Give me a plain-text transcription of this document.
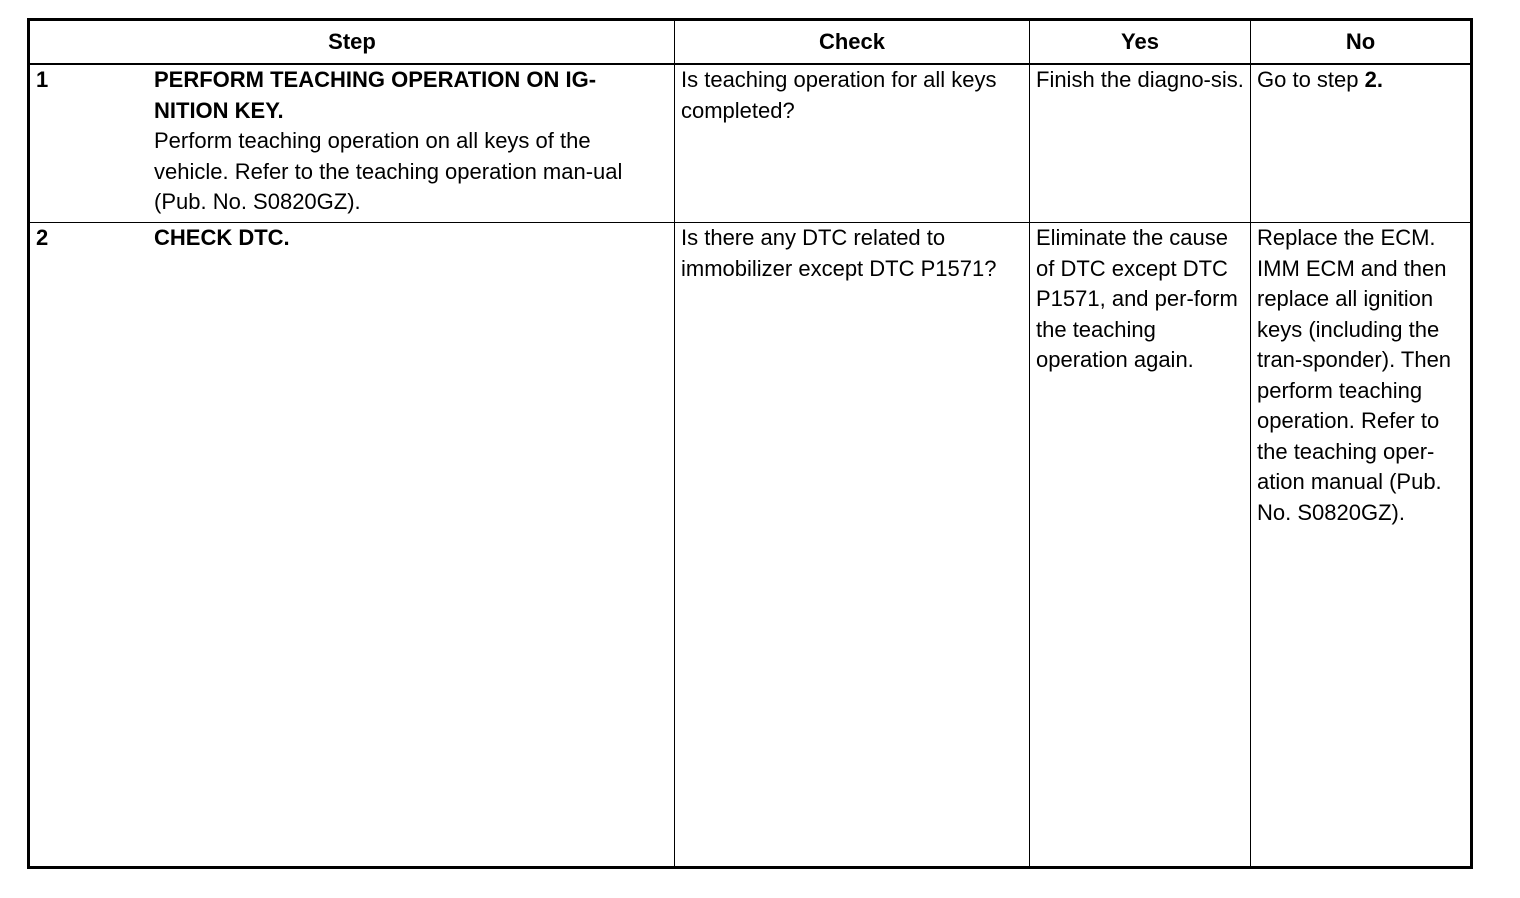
Step	Check	Yes	No

1 PERFORM TEACHING OPERATION ON IG-NITION KEY.
Perform teaching operation on all keys of the vehicle. Refer to the teaching operation man-ual (Pub. No. S0820GZ).	Is teaching operation for all keys completed?	Finish the diagno-sis.	Go to step 2.

2 CHECK DTC.	Is there any DTC related to immobilizer except DTC P1571?	Eliminate the cause of DTC except DTC P1571, and per-form the teaching operation again.	Replace the ECM. IMM ECM and then replace all ignition keys (including the tran-sponder). Then perform teaching operation. Refer to the teaching oper-ation manual (Pub. No. S0820GZ).
